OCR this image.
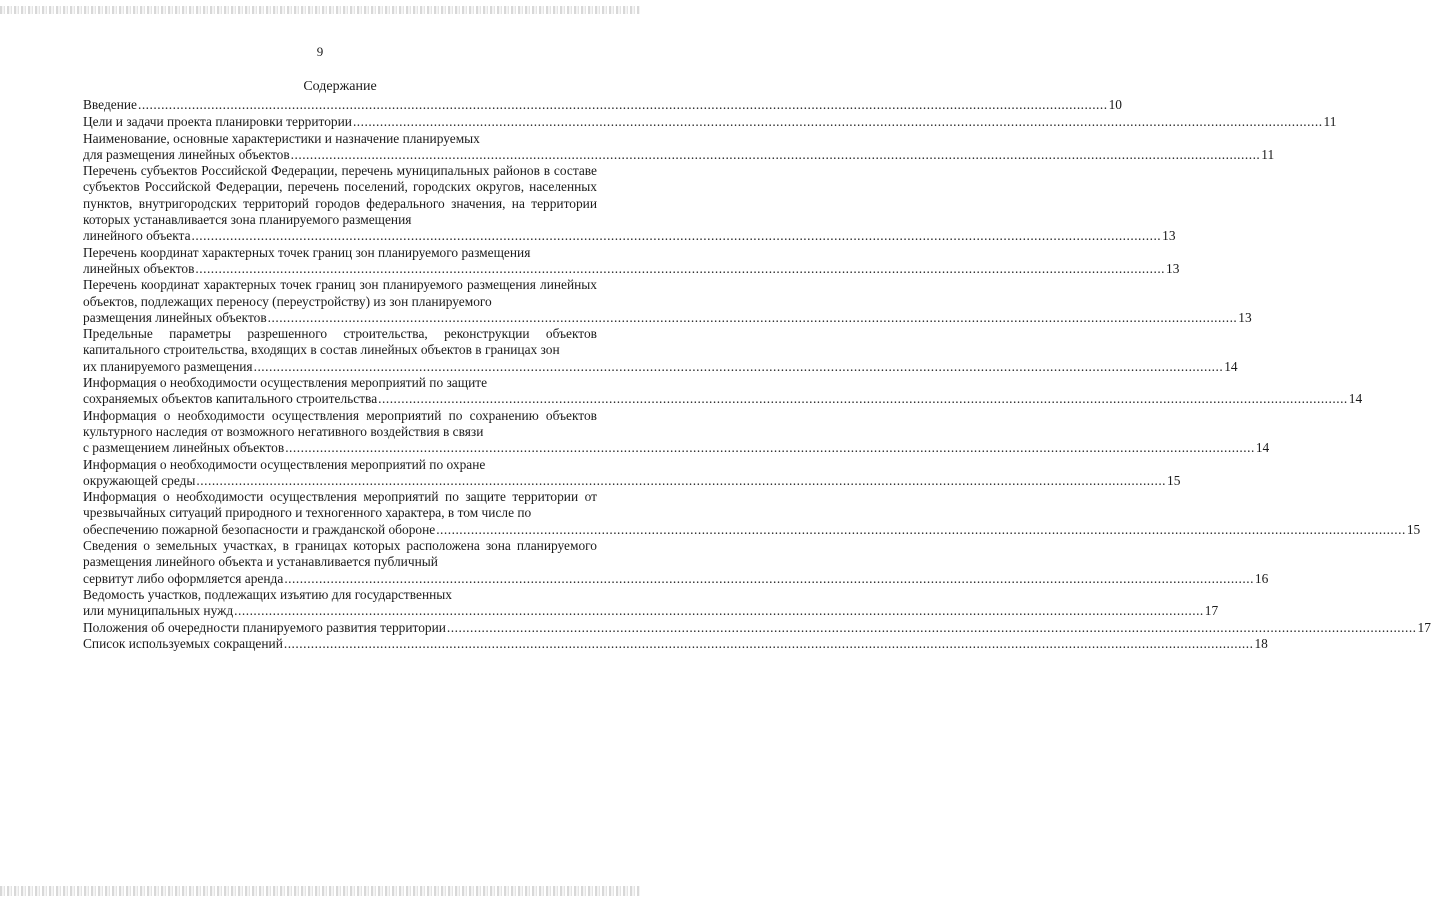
9
Содержание
Введение .....	10
Цели и задачи проекта планировки территории .....	11
Наименование, основные характеристики и назначение планируемых
для размещения линейных объектов .....	11
Перечень субъектов Российской Федерации, перечень муниципальных районов в составе субъектов Российской Федерации, перечень поселений, городских округов, населенных пунктов, внутригородских территорий городов федерального значения, на территории которых устанавливается зона планируемого размещения
линейного объекта .....	13
Перечень координат характерных точек границ зон планируемого размещения
линейных объектов .....	13
Перечень координат характерных точек границ зон планируемого размещения линейных объектов, подлежащих переносу (переустройству) из зон планируемого
размещения линейных объектов .....	13
Предельные параметры разрешенного строительства, реконструкции объектов капитального строительства, входящих в состав линейных объектов в границах зон
их планируемого размещения .....	14
Информация о необходимости осуществления мероприятий по защите
сохраняемых объектов капитального строительства .....	14
Информация о необходимости осуществления мероприятий по сохранению объектов культурного наследия от возможного негативного воздействия в связи
с размещением линейных объектов .....	14
Информация о необходимости осуществления мероприятий по охране
окружающей среды .....	15
Информация о необходимости осуществления мероприятий по защите территории от чрезвычайных ситуаций природного и техногенного характера, в том числе по
обеспечению пожарной безопасности и гражданской обороне .....	15
Сведения о земельных участках, в границах которых расположена зона планируемого размещения линейного объекта и устанавливается публичный
сервитут либо оформляется аренда .....	16
Ведомость участков, подлежащих изъятию для государственных
или муниципальных нужд .....	17
Положения об очередности планируемого развития территории .....	17
Список используемых сокращений .....	18
